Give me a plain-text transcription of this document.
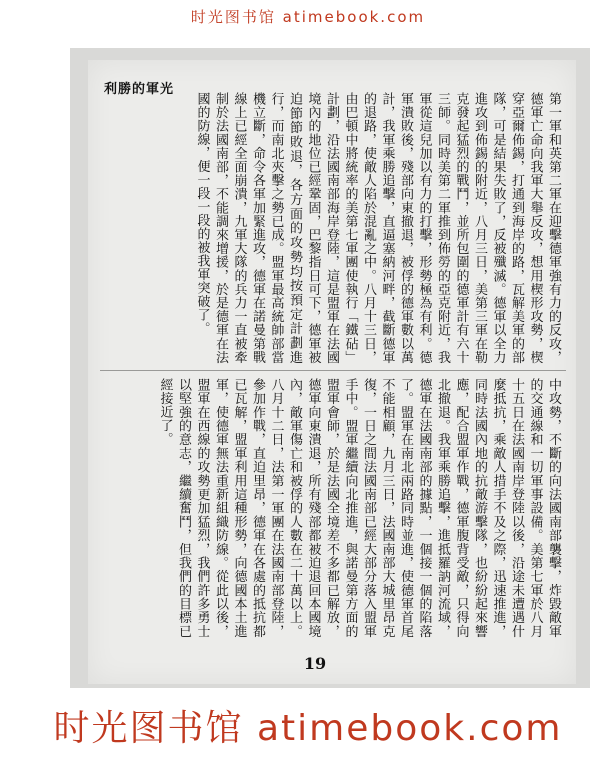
时光图书馆 atimebook.com
利勝的軍光
第一軍和英第二軍在迎擊德軍強有力的反攻，德軍亡命向我軍大舉反攻，想用楔形攻勢，楔穿亞爾佈錫，打通到海岸的路，瓦解美軍的部隊，可是結果失敗了，反被殲滅。德軍以全力進攻到佈錫的附近，八月三日，美第三軍在勒克發起猛烈的戰鬥，並所包圍的德軍計有六十三師。同時美第二軍推到佈勞的亞克附近，我軍從這兒加以有力的打擊，形勢極為有利。德軍潰敗後，殘部向東撤退，被俘的德軍數以萬計，我軍乘勝追擊，直逼塞納河畔，截斷德軍的退路，使敵人陷於混亂之中。八月十三日，由巴頓中將統率的美第七軍團使執行「鐵砧」計劃，沿法國南部海岸登陸，這是盟軍在法國境內的地位已經鞏固，巴黎指日可下，德軍被迫節節敗退，各方面的攻勢均按預定計劃進行，而南北夾擊之勢已成。盟軍最高統帥部當機立斷，命令各軍加緊進攻，德軍在諾曼第戰線上已經全面崩潰，九軍大隊的兵力一直被牽制於法國南部，不能調來增援，於是德軍在法國的防線，便一段一段的被我軍突破了。
中攻勢，不斷的向法國南部襲擊，炸毀敵軍的交通線和一切軍事設備。美第七軍於八月十五日在法國南岸登陸以後，沿途未遭遇什麼抵抗，乘敵人措手不及之際，迅速推進，同時法國內地的抗敵游擊隊，也紛紛起來響應，配合盟軍作戰，德軍腹背受敵，只得向北撤退。我軍乘勝追擊，進抵羅訥河流域，德軍在法國南部的據點，一個接一個的陷落了。盟軍在南北兩路同時並進，使德軍首尾不能相顧，九月三日，法國南部大城里昂克復，一日之間法國南部已經大部分落入盟軍手中。盟軍繼續向北推進，與諾曼第方面的盟軍會師，於是法國全境差不多都已解放，德軍向東潰退，所有殘部都被迫退回本國境內，敵軍傷亡和被俘的人數在二十萬以上。八月十二日，法第一軍團在法國南部登陸，參加作戰，直迫里昂，德軍在各處的抵抗都已瓦解，盟軍利用這種形勢，向德國本土進軍，使德軍無法重新組織防線。從此以後，盟軍在西線的攻勢更加猛烈，我們許多勇士以堅強的意志，繼續奮鬥，但我們的目標已經接近了。
19
时光图书馆 atimebook.com
